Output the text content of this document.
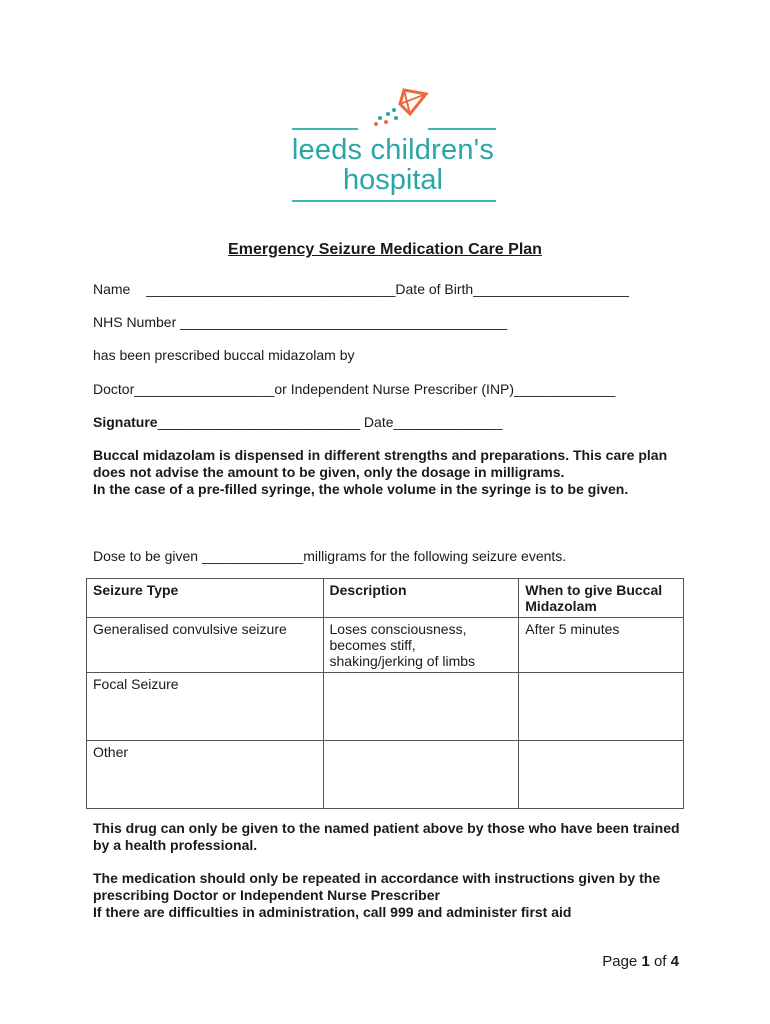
leeds children's
hospital
Emergency Seizure Medication Care Plan
Name ________________________________Date of Birth____________________
NHS Number __________________________________________
has been prescribed buccal midazolam by
Doctor__________________or Independent Nurse Prescriber (INP)_____________
Signature__________________________ Date______________
Buccal midazolam is dispensed in different strengths and preparations. This care plan does not advise the amount to be given, only the dosage in milligrams.
In the case of a pre-filled syringe, the whole volume in the syringe is to be given.
Dose to be given _____________milligrams for the following seizure events.
Seizure Type	Description	When to give Buccal Midazolam
Generalised convulsive seizure	Loses consciousness, becomes stiff, shaking/jerking of limbs	After 5 minutes
Focal Seizure		
Other		
This drug can only be given to the named patient above by those who have been trained by a health professional.
The medication should only be repeated in accordance with instructions given by the prescribing Doctor or Independent Nurse Prescriber
If there are difficulties in administration, call 999 and administer first aid
Page 1 of 4
